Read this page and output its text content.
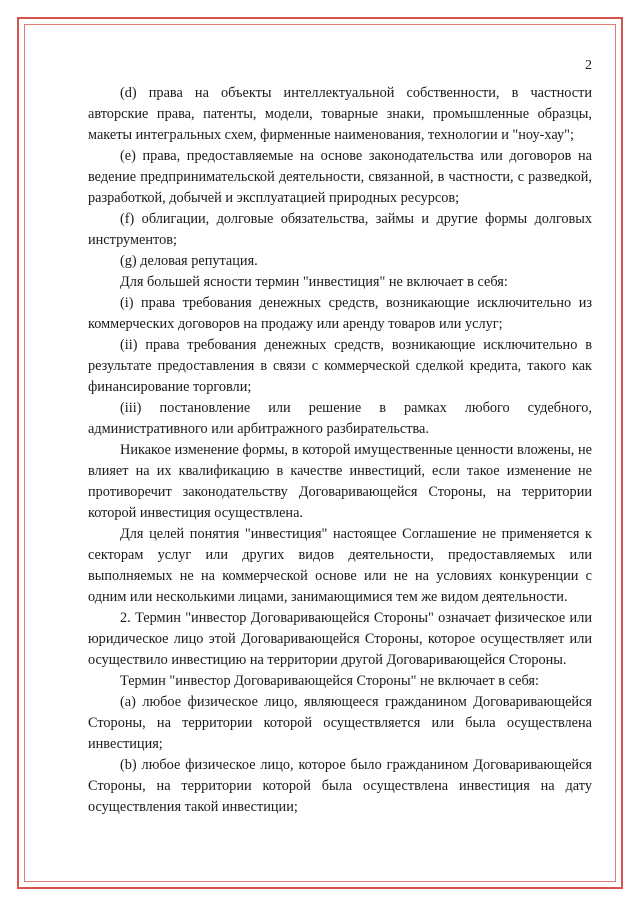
2

(d) права на объекты интеллектуальной собственности, в частности авторские права, патенты, модели, товарные знаки, промышленные образцы, макеты интегральных схем, фирменные наименования, технологии и "ноу-хау";

(e) права, предоставляемые на основе законодательства или договоров на ведение предпринимательской деятельности, связанной, в частности, с разведкой, разработкой, добычей и эксплуатацией природных ресурсов;

(f) облигации, долговые обязательства, займы и другие формы долговых инструментов;

(g) деловая репутация.

Для большей ясности термин "инвестиция" не включает в себя:

(i) права требования денежных средств, возникающие исключительно из коммерческих договоров на продажу или аренду товаров или услуг;

(ii) права требования денежных средств, возникающие исключительно в результате предоставления в связи с коммерческой сделкой кредита, такого как финансирование торговли;

(iii) постановление или решение в рамках любого судебного, административного или арбитражного разбирательства.

Никакое изменение формы, в которой имущественные ценности вложены, не влияет на их квалификацию в качестве инвестиций, если такое изменение не противоречит законодательству Договаривающейся Стороны, на территории которой инвестиция осуществлена.

Для целей понятия "инвестиция" настоящее Соглашение не применяется к секторам услуг или других видов деятельности, предоставляемых или выполняемых не на коммерческой основе или не на условиях конкуренции с одним или несколькими лицами, занимающимися тем же видом деятельности.

2. Термин "инвестор Договаривающейся Стороны" означает физическое или юридическое лицо этой Договаривающейся Стороны, которое осуществляет или осуществило инвестицию на территории другой Договаривающейся Стороны.

Термин "инвестор Договаривающейся Стороны" не включает в себя:

(a) любое физическое лицо, являющееся гражданином Договаривающейся Стороны, на территории которой осуществляется или была осуществлена инвестиция;

(b) любое физическое лицо, которое было гражданином Договаривающейся Стороны, на территории которой была осуществлена инвестиция на дату осуществления такой инвестиции;
